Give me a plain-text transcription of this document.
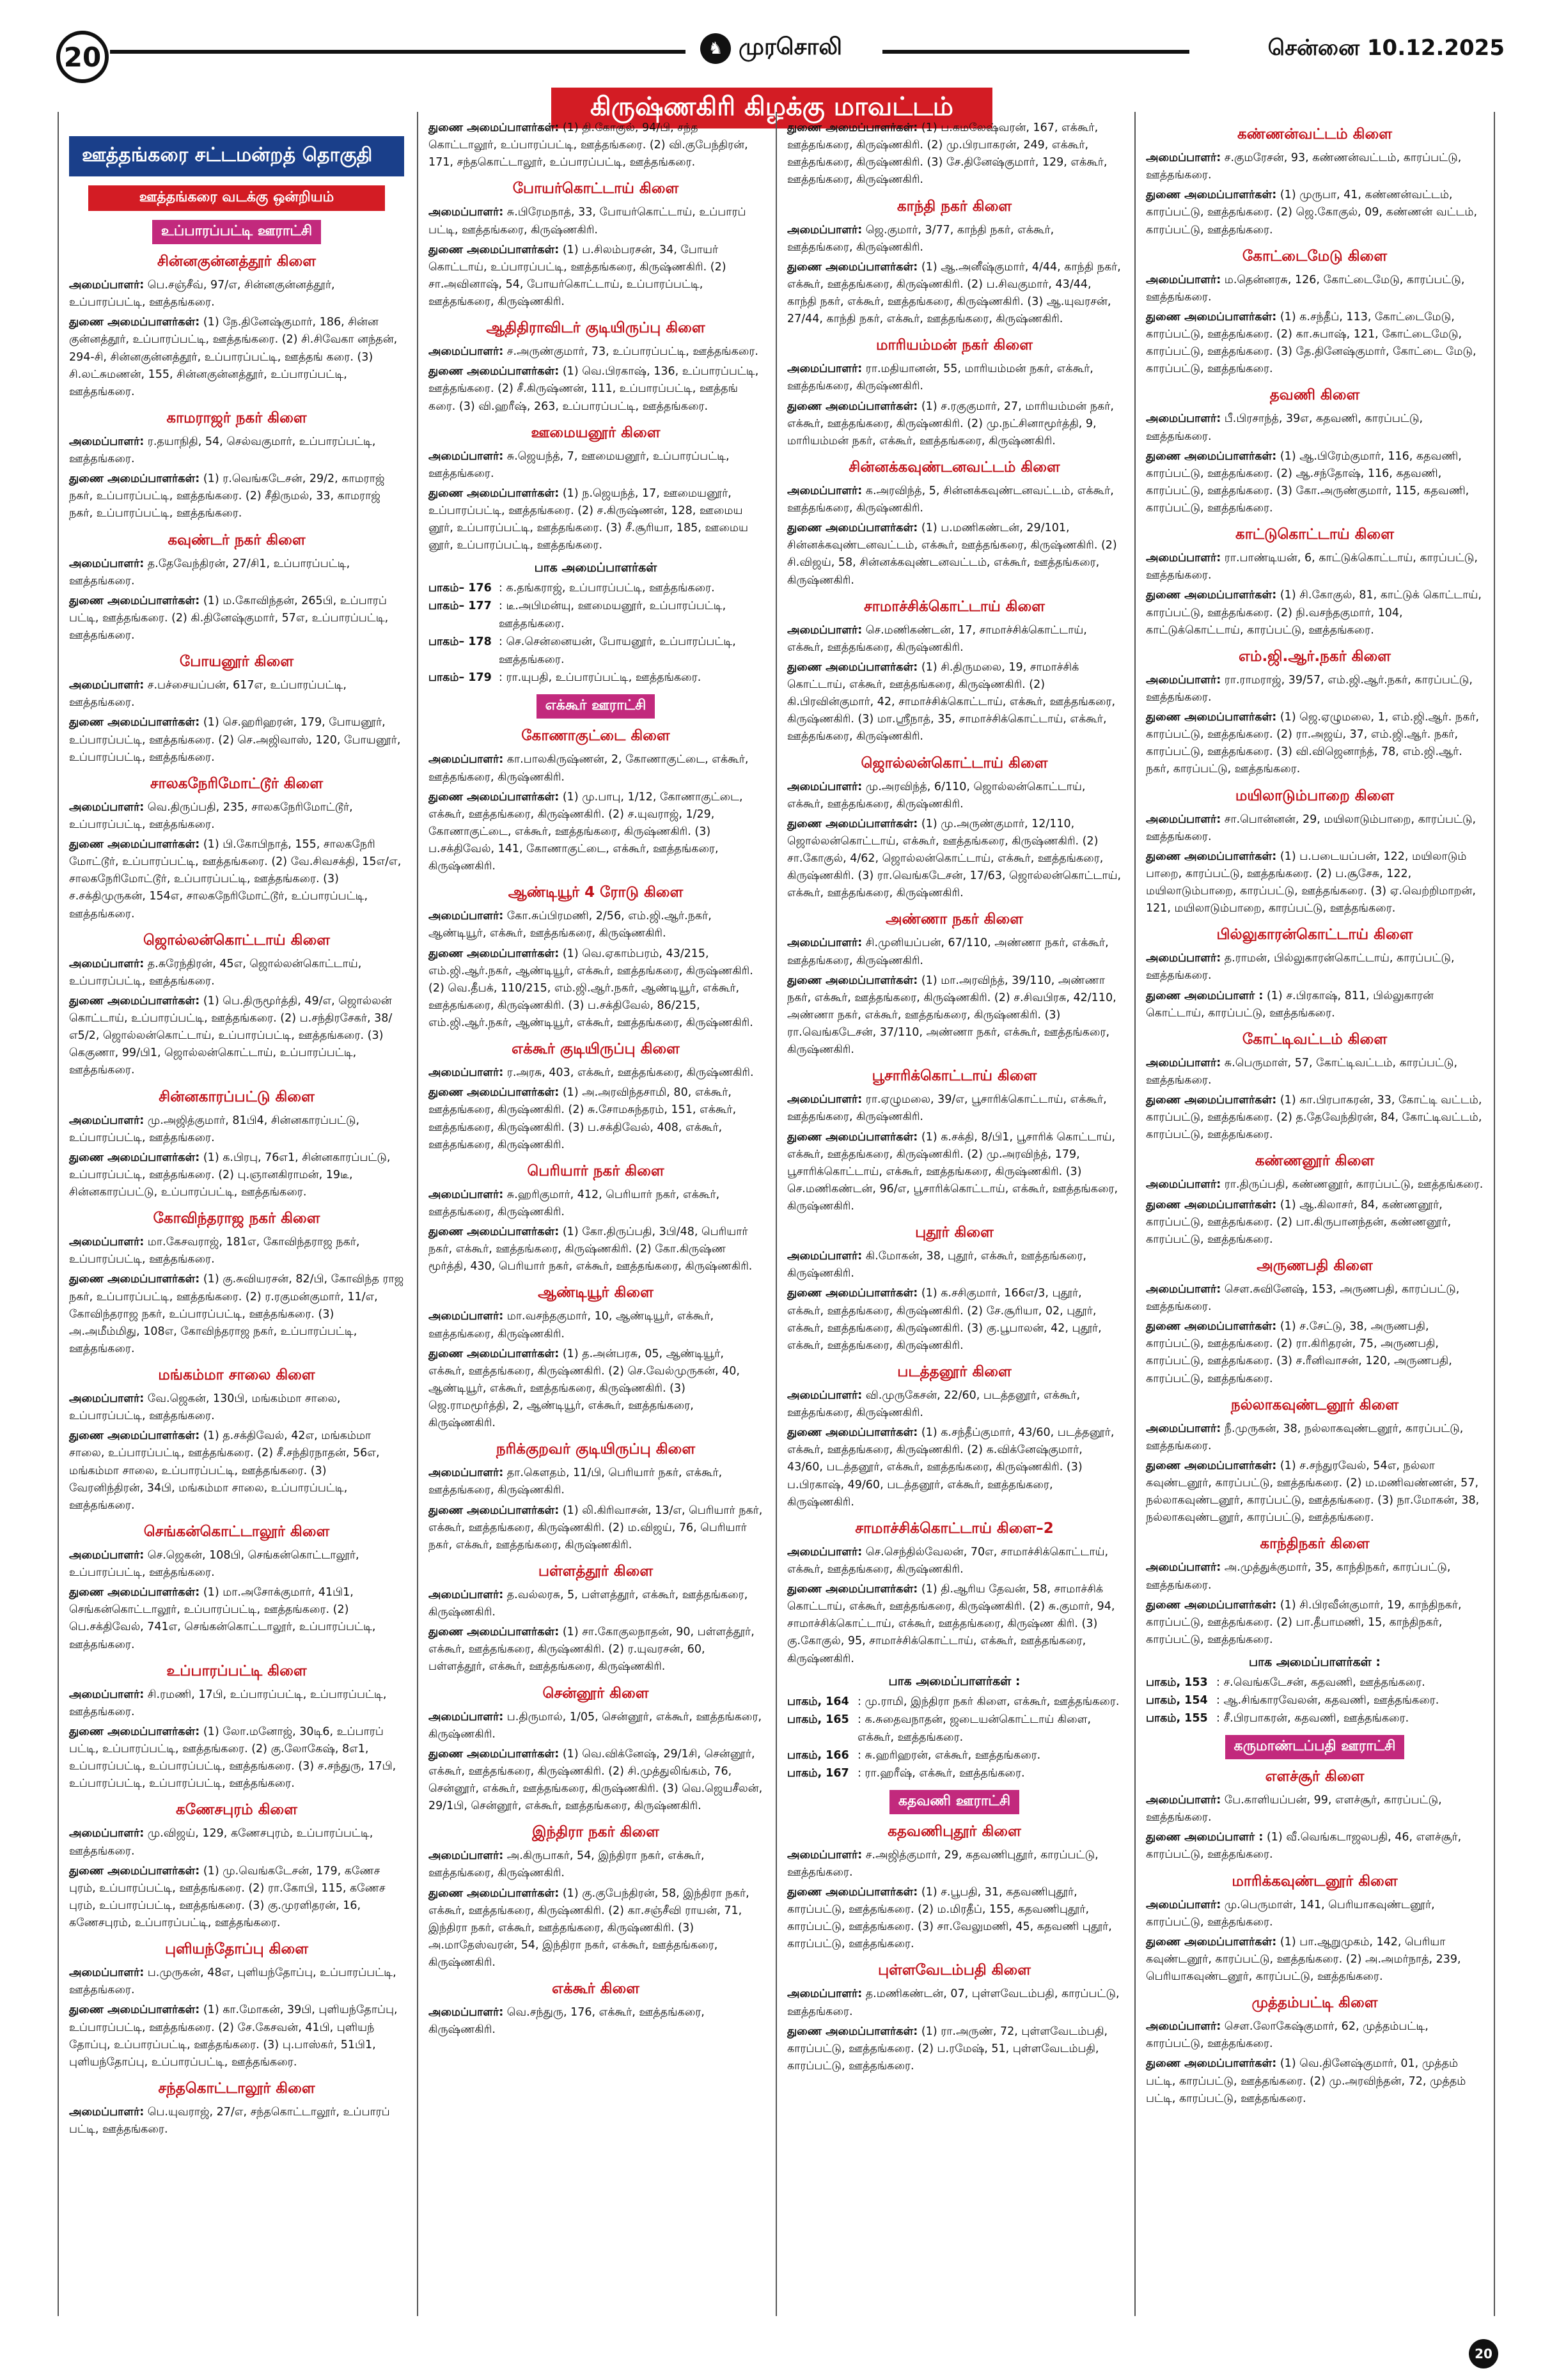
20	♞ முரசொலி	சென்னை 10.12.2025
கிருஷ்ணகிரி கிழக்கு மாவட்டம்
ஊத்தங்கரை சட்டமன்றத் தொகுதி
ஊத்தங்கரை வடக்கு ஒன்றியம்
உப்பாரப்பட்டி ஊராட்சி
சின்னகுன்னத்தூர் கிளை
அமைப்பாளர்: பெ.சஞ்சீவ், 97/எ, சின்னகுன்னத்தூர், உப்பாரப்பட்டி, ஊத்தங்கரை.
துணை அமைப்பாளர்கள்: (1) நே.தினேஷ்குமார், 186, சின்ன குன்னத்தூர், உப்பாரப்பட்டி, ஊத்தங்கரை. (2) சி.சிவேகா னந்தன், 294-சி, சின்னகுன்னத்தூர், உப்பாரப்பட்டி, ஊத்தங் கரை. (3) சி.லட்சுமணன், 155, சின்னகுன்னத்தூர், உப்பாரப்பட்டி, ஊத்தங்கரை.
காமராஜர் நகர் கிளை
அமைப்பாளர்: ர.தயாநிதி, 54, செல்வகுமார், உப்பாரப்பட்டி, ஊத்தங்கரை.
துணை அமைப்பாளர்கள்: (1) ர.வெங்கடேசன், 29/2, காமராஜ் நகர், உப்பாரப்பட்டி, ஊத்தங்கரை. (2) சீதிருமல், 33, காமராஜ் நகர், உப்பாரப்பட்டி, ஊத்தங்கரை.
கவுண்டர் நகர் கிளை
அமைப்பாளர்: த.தேவேந்திரன், 27/சி1, உப்பாரப்பட்டி, ஊத்தங்கரை.
துணை அமைப்பாளர்கள்: (1) ம.கோவிந்தன், 265பி, உப்பாரப் பட்டி, ஊத்தங்கரை. (2) கி.தினேஷ்குமார், 57எ, உப்பாரப்பட்டி, ஊத்தங்கரை.
போயனூர் கிளை
அமைப்பாளர்: ச.பச்சையப்பன், 617எ, உப்பாரப்பட்டி, ஊத்தங்கரை.
துணை அமைப்பாளர்கள்: (1) செ.ஹரிஹரன், 179, போயனூர், உப்பாரப்பட்டி, ஊத்தங்கரை. (2) செ.அஜிவாஸ், 120, போயனூர், உப்பாரப்பட்டி, ஊத்தங்கரை.
சாலகநேரிமோட்டூர் கிளை
அமைப்பாளர்: வெ.திருப்பதி, 235, சாலகநேரிமோட்டூர், உப்பாரப்பட்டி, ஊத்தங்கரை.
துணை அமைப்பாளர்கள்: (1) பி.கோபிநாத், 155, சாலகநேரி மோட்டூர், உப்பாரப்பட்டி, ஊத்தங்கரை. (2) வே.சிவசக்தி, 15எ/எ, சாலகநேரிமோட்டூர், உப்பாரப்பட்டி, ஊத்தங்கரை. (3) ச.சக்திமுருகன், 154எ, சாலகநேரிமோட்டூர், உப்பாரப்பட்டி, ஊத்தங்கரை.
ஜொல்லன்கொட்டாய் கிளை
அமைப்பாளர்: த.சுரேந்திரன், 45எ, ஜொல்லன்கொட்டாய், உப்பாரப்பட்டி, ஊத்தங்கரை.
துணை அமைப்பாளர்கள்: (1) பெ.திருமூர்த்தி, 49/எ, ஜொல்லன் கொட்டாய், உப்பாரப்பட்டி, ஊத்தங்கரை. (2) ப.சந்திரசேகர், 38/எ5/2, ஜொல்லன்கொட்டாய், உப்பாரப்பட்டி, ஊத்தங்கரை. (3) கெகுணா, 99/பி1, ஜொல்லன்கொட்டாய், உப்பாரப்பட்டி, ஊத்தங்கரை.
சின்னகாரப்பட்டு கிளை
அமைப்பாளர்: மு.அஜித்குமார், 81பி4, சின்னகாரப்பட்டு, உப்பாரப்பட்டி, ஊத்தங்கரை.
துணை அமைப்பாளர்கள்: (1) க.பிரபு, 76எ1, சின்னகாரப்பட்டு, உப்பாரப்பட்டி, ஊத்தங்கரை. (2) பு.ஞானகிராமன், 19டீ, சின்னகாரப்பட்டு, உப்பாரப்பட்டி, ஊத்தங்கரை.
கோவிந்தராஜ நகர் கிளை
அமைப்பாளர்: மா.கேசவராஜ், 181எ, கோவிந்தராஜ நகர், உப்பாரப்பட்டி, ஊத்தங்கரை.
துணை அமைப்பாளர்கள்: (1) கு.சுவியரசன், 82/பி, கோவிந்த ராஜ நகர், உப்பாரப்பட்டி, ஊத்தங்கரை. (2) ர.ரகுமன்குமார், 11/எ, கோவிந்தராஜ நகர், உப்பாரப்பட்டி, ஊத்தங்கரை. (3) அ.அமீம்மிது, 108எ, கோவிந்தராஜ நகர், உப்பாரப்பட்டி, ஊத்தங்கரை.
மங்கம்மா சாலை கிளை
அமைப்பாளர்: வே.ஜெகன், 130பி, மங்கம்மா சாலை, உப்பாரப்பட்டி, ஊத்தங்கரை.
துணை அமைப்பாளர்கள்: (1) த.சக்திவேல், 42எ, மங்கம்மா சாலை, உப்பாரப்பட்டி, ஊத்தங்கரை. (2) சீ.சந்திரநாதன், 56எ, மங்கம்மா சாலை, உப்பாரப்பட்டி, ஊத்தங்கரை. (3) வேரனிந்திரன், 34பி, மங்கம்மா சாலை, உப்பாரப்பட்டி, ஊத்தங்கரை.
செங்கன்கொட்டாலூர் கிளை
அமைப்பாளர்: செ.ஜெகன், 108பி, செங்கன்கொட்டாலூர், உப்பாரப்பட்டி, ஊத்தங்கரை.
துணை அமைப்பாளர்கள்: (1) மா.அசோக்குமார், 41பி1, செங்கன்கொட்டாலூர், உப்பாரப்பட்டி, ஊத்தங்கரை. (2) பெ.சக்திவேல், 741எ, செங்கன்கொட்டாலூர், உப்பாரப்பட்டி, ஊத்தங்கரை.
உப்பாரப்பட்டி கிளை
அமைப்பாளர்: சி.ரமணி, 17பி, உப்பாரப்பட்டி, உப்பாரப்பட்டி, ஊத்தங்கரை.
துணை அமைப்பாளர்கள்: (1) லோ.மனோஜ், 30டி6, உப்பாரப் பட்டி, உப்பாரப்பட்டி, ஊத்தங்கரை. (2) கு.லோகேஷ், 8எ1, உப்பாரப்பட்டி, உப்பாரப்பட்டி, ஊத்தங்கரை. (3) ச.சந்துரு, 17பி, உப்பாரப்பட்டி, உப்பாரப்பட்டி, ஊத்தங்கரை.
கணேசபுரம் கிளை
அமைப்பாளர்: மு.விஜய், 129, கணேசபுரம், உப்பாரப்பட்டி, ஊத்தங்கரை.
துணை அமைப்பாளர்கள்: (1) மு.வெங்கடேசன், 179, கணேச புரம், உப்பாரப்பட்டி, ஊத்தங்கரை. (2) ரா.கோபி, 115, கணேச புரம், உப்பாரப்பட்டி, ஊத்தங்கரை. (3) கு.முரளிதரன், 16, கணேசபுரம், உப்பாரப்பட்டி, ஊத்தங்கரை.
புளியந்தோப்பு கிளை
அமைப்பாளர்: ப.முருகன், 48எ, புளியந்தோப்பு, உப்பாரப்பட்டி, ஊத்தங்கரை.
துணை அமைப்பாளர்கள்: (1) கா.மோகன், 39பி, புளியந்தோப்பு, உப்பாரப்பட்டி, ஊத்தங்கரை. (2) சே.கேசவன், 41பி, புளியந் தோப்பு, உப்பாரப்பட்டி, ஊத்தங்கரை. (3) பு.பாஸ்கர், 51பி1, புளியந்தோப்பு, உப்பாரப்பட்டி, ஊத்தங்கரை.
சந்தகொட்டாலூர் கிளை
அமைப்பாளர்: பெ.யுவராஜ், 27/எ, சந்தகொட்டாலூர், உப்பாரப் பட்டி, ஊத்தங்கரை.
துணை அமைப்பாளர்கள்: (1) தி.கோகுல், 94/பி, சந்த கொட்டாலூர், உப்பாரப்பட்டி, ஊத்தங்கரை. (2) வி.குபேந்திரன், 171, சந்தகொட்டாலூர், உப்பாரப்பட்டி, ஊத்தங்கரை.
போயர்கொட்டாய் கிளை
அமைப்பாளர்: சு.பிரேமநாத், 33, போயர்கொட்டாய், உப்பாரப் பட்டி, ஊத்தங்கரை, கிருஷ்ணகிரி.
துணை அமைப்பாளர்கள்: (1) ப.சிலம்பரசன், 34, போயர் கொட்டாய், உப்பாரப்பட்டி, ஊத்தங்கரை, கிருஷ்ணகிரி. (2) சா.அவினாஷ், 54, போயர்கொட்டாய், உப்பாரப்பட்டி, ஊத்தங்கரை, கிருஷ்ணகிரி.
ஆதிதிராவிடர் குடியிருப்பு கிளை
அமைப்பாளர்: ச.அருண்குமார், 73, உப்பாரப்பட்டி, ஊத்தங்கரை.
துணை அமைப்பாளர்கள்: (1) வெ.பிரகாஷ், 136, உப்பாரப்பட்டி, ஊத்தங்கரை. (2) சீ.கிருஷ்ணன், 111, உப்பாரப்பட்டி, ஊத்தங் கரை. (3) வி.ஹரீஷ், 263, உப்பாரப்பட்டி, ஊத்தங்கரை.
ஊமையனூர் கிளை
அமைப்பாளர்: சு.ஜெயந்த், 7, ஊமையனூர், உப்பாரப்பட்டி, ஊத்தங்கரை.
துணை அமைப்பாளர்கள்: (1) ந.ஜெயந்த், 17, ஊமையனூர், உப்பாரப்பட்டி, ஊத்தங்கரை. (2) ச.கிருஷ்ணன், 128, ஊமைய னூர், உப்பாரப்பட்டி, ஊத்தங்கரை. (3) சீ.சூரியா, 185, ஊமைய னூர், உப்பாரப்பட்டி, ஊத்தங்கரை.
பாக அமைப்பாளர்கள்
பாகம்– 176 : க.தங்கராஜ், உப்பாரப்பட்டி, ஊத்தங்கரை.
பாகம்– 177 : டீ.அபிமன்யு, ஊமையனூர், உப்பாரப்பட்டி, ஊத்தங்கரை.
பாகம்– 178 : செ.சென்னையன், போயனூர், உப்பாரப்பட்டி, ஊத்தங்கரை.
பாகம்– 179 : ரா.யுபதி, உப்பாரப்பட்டி, ஊத்தங்கரை.
எக்கூர் ஊராட்சி
கோணாகுட்டை கிளை
அமைப்பாளர்: கா.பாலகிருஷ்ணன், 2, கோணாகுட்டை, எக்கூர், ஊத்தங்கரை, கிருஷ்ணகிரி.
துணை அமைப்பாளர்கள்: (1) மு.பாபு, 1/12, கோணாகுட்டை, எக்கூர், ஊத்தங்கரை, கிருஷ்ணகிரி. (2) ச.யுவராஜ், 1/29, கோணாகுட்டை, எக்கூர், ஊத்தங்கரை, கிருஷ்ணகிரி. (3) ப.சக்திவேல், 141, கோணாகுட்டை, எக்கூர், ஊத்தங்கரை, கிருஷ்ணகிரி.
ஆண்டியூர் 4 ரோடு கிளை
அமைப்பாளர்: கோ.சுப்பிரமணி, 2/56, எம்.ஜி.ஆர்.நகர், ஆண்டியூர், எக்கூர், ஊத்தங்கரை, கிருஷ்ணகிரி.
துணை அமைப்பாளர்கள்: (1) வெ.ஏகாம்பரம், 43/215, எம்.ஜி.ஆர்.நகர், ஆண்டியூர், எக்கூர், ஊத்தங்கரை, கிருஷ்ணகிரி. (2) வெ.தீபக், 110/215, எம்.ஜி.ஆர்.நகர், ஆண்டியூர், எக்கூர், ஊத்தங்கரை, கிருஷ்ணகிரி. (3) ப.சக்திவேல், 86/215, எம்.ஜி.ஆர்.நகர், ஆண்டியூர், எக்கூர், ஊத்தங்கரை, கிருஷ்ணகிரி.
எக்கூர் குடியிருப்பு கிளை
அமைப்பாளர்: ர.அரசு, 403, எக்கூர், ஊத்தங்கரை, கிருஷ்ணகிரி.
துணை அமைப்பாளர்கள்: (1) அ.அரவிந்தசாமி, 80, எக்கூர், ஊத்தங்கரை, கிருஷ்ணகிரி. (2) சு.சோமசுந்தரம், 151, எக்கூர், ஊத்தங்கரை, கிருஷ்ணகிரி. (3) ப.சக்திவேல், 408, எக்கூர், ஊத்தங்கரை, கிருஷ்ணகிரி.
பெரியார் நகர் கிளை
அமைப்பாளர்: சு.ஹரிகுமார், 412, பெரியார் நகர், எக்கூர், ஊத்தங்கரை, கிருஷ்ணகிரி.
துணை அமைப்பாளர்கள்: (1) கோ.திருப்பதி, 3பி/48, பெரியார் நகர், எக்கூர், ஊத்தங்கரை, கிருஷ்ணகிரி. (2) கோ.கிருஷ்ண மூர்த்தி, 430, பெரியார் நகர், எக்கூர், ஊத்தங்கரை, கிருஷ்ணகிரி.
ஆண்டியூர் கிளை
அமைப்பாளர்: மா.வசந்தகுமார், 10, ஆண்டியூர், எக்கூர், ஊத்தங்கரை, கிருஷ்ணகிரி.
துணை அமைப்பாளர்கள்: (1) த.அன்பரசு, 05, ஆண்டியூர், எக்கூர், ஊத்தங்கரை, கிருஷ்ணகிரி. (2) செ.வேல்முருகன், 40, ஆண்டியூர், எக்கூர், ஊத்தங்கரை, கிருஷ்ணகிரி. (3) ஜெ.ராமமூர்த்தி, 2, ஆண்டியூர், எக்கூர், ஊத்தங்கரை, கிருஷ்ணகிரி.
நரிக்குறவர் குடியிருப்பு கிளை
அமைப்பாளர்: தா.கௌதம், 11/பி, பெரியார் நகர், எக்கூர், ஊத்தங்கரை, கிருஷ்ணகிரி.
துணை அமைப்பாளர்கள்: (1) லி.கிரிவாசன், 13/எ, பெரியார் நகர், எக்கூர், ஊத்தங்கரை, கிருஷ்ணகிரி. (2) ம.விஜய், 76, பெரியார் நகர், எக்கூர், ஊத்தங்கரை, கிருஷ்ணகிரி.
பள்ளத்தூர் கிளை
அமைப்பாளர்: த.வல்லரசு, 5, பள்ளத்தூர், எக்கூர், ஊத்தங்கரை, கிருஷ்ணகிரி.
துணை அமைப்பாளர்கள்: (1) சா.கோகுலநாதன், 90, பள்ளத்தூர், எக்கூர், ஊத்தங்கரை, கிருஷ்ணகிரி. (2) ர.யுவரசன், 60, பள்ளத்தூர், எக்கூர், ஊத்தங்கரை, கிருஷ்ணகிரி.
சென்னூர் கிளை
அமைப்பாளர்: ப.திருமால், 1/05, சென்னூர், எக்கூர், ஊத்தங்கரை, கிருஷ்ணகிரி.
துணை அமைப்பாளர்கள்: (1) வெ.விக்னேஷ், 29/1சி, சென்னூர், எக்கூர், ஊத்தங்கரை, கிருஷ்ணகிரி. (2) சி.முத்துலிங்கம், 76, சென்னூர், எக்கூர், ஊத்தங்கரை, கிருஷ்ணகிரி. (3) வெ.ஜெயசீலன், 29/1பி, சென்னூர், எக்கூர், ஊத்தங்கரை, கிருஷ்ணகிரி.
இந்திரா நகர் கிளை
அமைப்பாளர்: அ.கிருபாகர், 54, இந்திரா நகர், எக்கூர், ஊத்தங்கரை, கிருஷ்ணகிரி.
துணை அமைப்பாளர்கள்: (1) கு.குபேந்திரன், 58, இந்திரா நகர், எக்கூர், ஊத்தங்கரை, கிருஷ்ணகிரி. (2) கா.சஞ்சீவி ராயன், 71, இந்திரா நகர், எக்கூர், ஊத்தங்கரை, கிருஷ்ணகிரி. (3) அ.மாதேஸ்வரன், 54, இந்திரா நகர், எக்கூர், ஊத்தங்கரை, கிருஷ்ணகிரி.
எக்கூர் கிளை
அமைப்பாளர்: வெ.சந்துரு, 176, எக்கூர், ஊத்தங்கரை, கிருஷ்ணகிரி.
துணை அமைப்பாளர்கள்: (1) ப.கமலேஷ்வரன், 167, எக்கூர், ஊத்தங்கரை, கிருஷ்ணகிரி. (2) மு.பிரபாகரன், 249, எக்கூர், ஊத்தங்கரை, கிருஷ்ணகிரி. (3) சே.தினேஷ்குமார், 129, எக்கூர், ஊத்தங்கரை, கிருஷ்ணகிரி.
காந்தி நகர் கிளை
அமைப்பாளர்: ஜெ.குமார், 3/77, காந்தி நகர், எக்கூர், ஊத்தங்கரை, கிருஷ்ணகிரி.
துணை அமைப்பாளர்கள்: (1) ஆ.அனீஷ்குமார், 4/44, காந்தி நகர், எக்கூர், ஊத்தங்கரை, கிருஷ்ணகிரி. (2) ப.சிவகுமார், 43/44, காந்தி நகர், எக்கூர், ஊத்தங்கரை, கிருஷ்ணகிரி. (3) ஆ.யுவரசன், 27/44, காந்தி நகர், எக்கூர், ஊத்தங்கரை, கிருஷ்ணகிரி.
மாரியம்மன் நகர் கிளை
அமைப்பாளர்: ரா.மதியானன், 55, மாரியம்மன் நகர், எக்கூர், ஊத்தங்கரை, கிருஷ்ணகிரி.
துணை அமைப்பாளர்கள்: (1) ச.ரகுகுமார், 27, மாரியம்மன் நகர், எக்கூர், ஊத்தங்கரை, கிருஷ்ணகிரி. (2) மு.நட்சினாமூர்த்தி, 9, மாரியம்மன் நகர், எக்கூர், ஊத்தங்கரை, கிருஷ்ணகிரி.
சின்னக்கவுண்டனவட்டம் கிளை
அமைப்பாளர்: க.அரவிந்த், 5, சின்னக்கவுண்டனவட்டம், எக்கூர், ஊத்தங்கரை, கிருஷ்ணகிரி.
துணை அமைப்பாளர்கள்: (1) ப.மணிகண்டன், 29/101, சின்னக்கவுண்டனவட்டம், எக்கூர், ஊத்தங்கரை, கிருஷ்ணகிரி. (2) சி.விஜய், 58, சின்னக்கவுண்டனவட்டம், எக்கூர், ஊத்தங்கரை, கிருஷ்ணகிரி.
சாமாச்சிக்கொட்டாய் கிளை
அமைப்பாளர்: செ.மணிகண்டன், 17, சாமாச்சிக்கொட்டாய், எக்கூர், ஊத்தங்கரை, கிருஷ்ணகிரி.
துணை அமைப்பாளர்கள்: (1) சி.திருமலை, 19, சாமாச்சிக் கொட்டாய், எக்கூர், ஊத்தங்கரை, கிருஷ்ணகிரி. (2) கி.பிரவின்குமார், 42, சாமாச்சிக்கொட்டாய், எக்கூர், ஊத்தங்கரை, கிருஷ்ணகிரி. (3) மா.ஸ்ரீநாத், 35, சாமாச்சிக்கொட்டாய், எக்கூர், ஊத்தங்கரை, கிருஷ்ணகிரி.
ஜொல்லன்கொட்டாய் கிளை
அமைப்பாளர்: மு.அரவிந்த், 6/110, ஜொல்லன்கொட்டாய், எக்கூர், ஊத்தங்கரை, கிருஷ்ணகிரி.
துணை அமைப்பாளர்கள்: (1) மு.அருண்குமார், 12/110, ஜொல்லன்கொட்டாய், எக்கூர், ஊத்தங்கரை, கிருஷ்ணகிரி. (2) சா.கோகுல், 4/62, ஜொல்லன்கொட்டாய், எக்கூர், ஊத்தங்கரை, கிருஷ்ணகிரி. (3) ரா.வெங்கடேசன், 17/63, ஜொல்லன்கொட்டாய், எக்கூர், ஊத்தங்கரை, கிருஷ்ணகிரி.
அண்ணா நகர் கிளை
அமைப்பாளர்: சி.முனியப்பன், 67/110, அண்ணா நகர், எக்கூர், ஊத்தங்கரை, கிருஷ்ணகிரி.
துணை அமைப்பாளர்கள்: (1) மா.அரவிந்த், 39/110, அண்ணா நகர், எக்கூர், ஊத்தங்கரை, கிருஷ்ணகிரி. (2) ச.சிவபிரசு, 42/110, அண்ணா நகர், எக்கூர், ஊத்தங்கரை, கிருஷ்ணகிரி. (3) ரா.வெங்கடேசன், 37/110, அண்ணா நகர், எக்கூர், ஊத்தங்கரை, கிருஷ்ணகிரி.
பூசாரிக்கொட்டாய் கிளை
அமைப்பாளர்: ரா.ஏழுமலை, 39/எ, பூசாரிக்கொட்டாய், எக்கூர், ஊத்தங்கரை, கிருஷ்ணகிரி.
துணை அமைப்பாளர்கள்: (1) க.சக்தி, 8/பி1, பூசாரிக் கொட்டாய், எக்கூர், ஊத்தங்கரை, கிருஷ்ணகிரி. (2) மு.அரவிந்த், 179, பூசாரிக்கொட்டாய், எக்கூர், ஊத்தங்கரை, கிருஷ்ணகிரி. (3) செ.மணிகண்டன், 96/எ, பூசாரிக்கொட்டாய், எக்கூர், ஊத்தங்கரை, கிருஷ்ணகிரி.
புதூர் கிளை
அமைப்பாளர்: கி.மோகன், 38, புதூர், எக்கூர், ஊத்தங்கரை, கிருஷ்ணகிரி.
துணை அமைப்பாளர்கள்: (1) க.சசிகுமார், 166எ/3, புதூர், எக்கூர், ஊத்தங்கரை, கிருஷ்ணகிரி. (2) சே.சூரியா, 02, புதூர், எக்கூர், ஊத்தங்கரை, கிருஷ்ணகிரி. (3) கு.பூபாலன், 42, புதூர், எக்கூர், ஊத்தங்கரை, கிருஷ்ணகிரி.
படத்தனூர் கிளை
அமைப்பாளர்: வி.முருகேசன், 22/60, படத்தனூர், எக்கூர், ஊத்தங்கரை, கிருஷ்ணகிரி.
துணை அமைப்பாளர்கள்: (1) க.சந்தீப்குமார், 43/60, படத்தனூர், எக்கூர், ஊத்தங்கரை, கிருஷ்ணகிரி. (2) க.விக்னேஷ்குமார், 43/60, படத்தனூர், எக்கூர், ஊத்தங்கரை, கிருஷ்ணகிரி. (3) ப.பிரகாஷ், 49/60, படத்தனூர், எக்கூர், ஊத்தங்கரை, கிருஷ்ணகிரி.
சாமாச்சிக்கொட்டாய் கிளை–2
அமைப்பாளர்: செ.செந்தில்வேலன், 70எ, சாமாச்சிக்கொட்டாய், எக்கூர், ஊத்தங்கரை, கிருஷ்ணகிரி.
துணை அமைப்பாளர்கள்: (1) தி.ஆரிய தேவன், 58, சாமாச்சிக் கொட்டாய், எக்கூர், ஊத்தங்கரை, கிருஷ்ணகிரி. (2) சு.குமார், 94, சாமாச்சிக்கொட்டாய், எக்கூர், ஊத்தங்கரை, கிருஷ்ண கிரி. (3) கு.கோகுல், 95, சாமாச்சிக்கொட்டாய், எக்கூர், ஊத்தங்கரை, கிருஷ்ணகிரி.
பாக அமைப்பாளர்கள் :
பாகம், 164 : மு.ராமி, இந்திரா நகர் கிளை, எக்கூர், ஊத்தங்கரை.
பாகம், 165 : க.சுதைவநாதன், ஜடையன்கொட்டாய் கிளை, எக்கூர், ஊத்தங்கரை.
பாகம், 166 : சு.ஹரிஹரன், எக்கூர், ஊத்தங்கரை.
பாகம், 167 : ரா.ஹரீஷ், எக்கூர், ஊத்தங்கரை.
கதவணி ஊராட்சி
கதவணிபுதூர் கிளை
அமைப்பாளர்: ச.அஜித்குமார், 29, கதவணிபுதூர், காரப்பட்டு, ஊத்தங்கரை.
துணை அமைப்பாளர்கள்: (1) ச.பூபதி, 31, கதவணிபுதூர், காரப்பட்டு, ஊத்தங்கரை. (2) ம.மிரதீப், 155, கதவணிபுதூர், காரப்பட்டு, ஊத்தங்கரை. (3) சா.வேலுமணி, 45, கதவணி புதூர், காரப்பட்டு, ஊத்தங்கரை.
புள்ளவேடம்பதி கிளை
அமைப்பாளர்: த.மணிகண்டன், 07, புள்ளவேடம்பதி, காரப்பட்டு, ஊத்தங்கரை.
துணை அமைப்பாளர்கள்: (1) ரா.அருண், 72, புள்ளவேடம்பதி, காரப்பட்டு, ஊத்தங்கரை. (2) ப.ரமேஷ், 51, புள்ளவேடம்பதி, காரப்பட்டு, ஊத்தங்கரை.
கண்ணன்வட்டம் கிளை
அமைப்பாளர்: ச.குமரேசன், 93, கண்ணன்வட்டம், காரப்பட்டு, ஊத்தங்கரை.
துணை அமைப்பாளர்கள்: (1) முருபா, 41, கண்ணன்வட்டம், காரப்பட்டு, ஊத்தங்கரை. (2) ஜெ.கோகுல், 09, கண்ணன் வட்டம், காரப்பட்டு, ஊத்தங்கரை.
கோட்டைமேடு கிளை
அமைப்பாளர்: ம.தென்னரசு, 126, கோட்டைமேடு, காரப்பட்டு, ஊத்தங்கரை.
துணை அமைப்பாளர்கள்: (1) க.சந்தீப், 113, கோட்டைமேடு, காரப்பட்டு, ஊத்தங்கரை. (2) கா.சுபாஷ், 121, கோட்டைமேடு, காரப்பட்டு, ஊத்தங்கரை. (3) தே.தினேஷ்குமார், கோட்டை மேடு, காரப்பட்டு, ஊத்தங்கரை.
தவணி கிளை
அமைப்பாளர்: பீ.பிரசாந்த், 39எ, கதவணி, காரப்பட்டு, ஊத்தங்கரை.
துணை அமைப்பாளர்கள்: (1) ஆ.பிரேம்குமார், 116, கதவணி, காரப்பட்டு, ஊத்தங்கரை. (2) ஆ.சந்தோஷ், 116, கதவணி, காரப்பட்டு, ஊத்தங்கரை. (3) கோ.அருண்குமார், 115, கதவணி, காரப்பட்டு, ஊத்தங்கரை.
காட்டுகொட்டாய் கிளை
அமைப்பாளர்: ரா.பாண்டியன், 6, காட்டுக்கொட்டாய், காரப்பட்டு, ஊத்தங்கரை.
துணை அமைப்பாளர்கள்: (1) சி.கோகுல், 81, காட்டுக் கொட்டாய், காரப்பட்டு, ஊத்தங்கரை. (2) நி.வசந்தகுமார், 104, காட்டுக்கொட்டாய், காரப்பட்டு, ஊத்தங்கரை.
எம்.ஜி.ஆர்.நகர் கிளை
அமைப்பாளர்: ரா.ராமராஜ், 39/57, எம்.ஜி.ஆர்.நகர், காரப்பட்டு, ஊத்தங்கரை.
துணை அமைப்பாளர்கள்: (1) ஜெ.ஏழுமலை, 1, எம்.ஜி.ஆர். நகர், காரப்பட்டு, ஊத்தங்கரை. (2) ரா.அஜய், 37, எம்.ஜி.ஆர். நகர், காரப்பட்டு, ஊத்தங்கரை. (3) வி.விஜெனாந்த், 78, எம்.ஜி.ஆர். நகர், காரப்பட்டு, ஊத்தங்கரை.
மயிலாடும்பாறை கிளை
அமைப்பாளர்: சா.பொன்னன், 29, மயிலாடும்பாறை, காரப்பட்டு, ஊத்தங்கரை.
துணை அமைப்பாளர்கள்: (1) ப.படையப்பன், 122, மயிலாடும் பாறை, காரப்பட்டு, ஊத்தங்கரை. (2) ப.சூசேசு, 122, மயிலாடும்பாறை, காரப்பட்டு, ஊத்தங்கரை. (3) ஏ.வெற்றிமாறன், 121, மயிலாடும்பாறை, காரப்பட்டு, ஊத்தங்கரை.
பில்லுகாரன்கொட்டாய் கிளை
அமைப்பாளர்: த.ராமன், பில்லுகாரன்கொட்டாய், காரப்பட்டு, ஊத்தங்கரை.
துணை அமைப்பாளர் : (1) ச.பிரகாஷ், 811, பில்லுகாரன் கொட்டாய், காரப்பட்டு, ஊத்தங்கரை.
கோட்டிவட்டம் கிளை
அமைப்பாளர்: சு.பெருமாள், 57, கோட்டிவட்டம், காரப்பட்டு, ஊத்தங்கரை.
துணை அமைப்பாளர்கள்: (1) கா.பிரபாகரன், 33, கோட்டி வட்டம், காரப்பட்டு, ஊத்தங்கரை. (2) த.தேவேந்திரன், 84, கோட்டிவட்டம், காரப்பட்டு, ஊத்தங்கரை.
கண்ணனூர் கிளை
அமைப்பாளர்: ரா.திருப்பதி, கண்ணனூர், காரப்பட்டு, ஊத்தங்கரை.
துணை அமைப்பாளர்கள்: (1) ஆ.கிலாசர், 84, கண்ணனூர், காரப்பட்டு, ஊத்தங்கரை. (2) பா.கிருபானந்தன், கண்ணனூர், காரப்பட்டு, ஊத்தங்கரை.
அருணபதி கிளை
அமைப்பாளர்: செள.சுவினேஷ், 153, அருணபதி, காரப்பட்டு, ஊத்தங்கரை.
துணை அமைப்பாளர்கள்: (1) ச.சேட்டு, 38, அருணபதி, காரப்பட்டு, ஊத்தங்கரை. (2) ரா.கிரிதரன், 75, அருணபதி, காரப்பட்டு, ஊத்தங்கரை. (3) ச.ரீனிவாசன், 120, அருணபதி, காரப்பட்டு, ஊத்தங்கரை.
நல்லாகவுண்டனூர் கிளை
அமைப்பாளர்: நீ.முருகன், 38, நல்லாகவுண்டனூர், காரப்பட்டு, ஊத்தங்கரை.
துணை அமைப்பாளர்கள்: (1) ச.சந்துரவேல், 54எ, நல்லா கவுண்டனூர், காரப்பட்டு, ஊத்தங்கரை. (2) ம.மணிவண்ணன், 57, நல்லாகவுண்டனூர், காரப்பட்டு, ஊத்தங்கரை. (3) நா.மோகன், 38, நல்லாகவுண்டனூர், காரப்பட்டு, ஊத்தங்கரை.
காந்திநகர் கிளை
அமைப்பாளர்: அ.முத்துக்குமார், 35, காந்திநகர், காரப்பட்டு, ஊத்தங்கரை.
துணை அமைப்பாளர்கள்: (1) சி.பிரவீன்குமார், 19, காந்திநகர், காரப்பட்டு, ஊத்தங்கரை. (2) பா.தீபாமணி, 15, காந்திநகர், காரப்பட்டு, ஊத்தங்கரை.
பாக அமைப்பாளர்கள் :
பாகம், 153 : ச.வெங்கடேசன், கதவணி, ஊத்தங்கரை.
பாகம், 154 : ஆ.சிங்காரவேலன், கதவணி, ஊத்தங்கரை.
பாகம், 155 : சீ.பிரபாகரன், கதவணி, ஊத்தங்கரை.
கருமாண்டப்பதி ஊராட்சி
எளச்சூர் கிளை
அமைப்பாளர்: பே.காளியப்பன், 99, எளச்சூர், காரப்பட்டு, ஊத்தங்கரை.
துணை அமைப்பாளர் : (1) வீ.வெங்கடாஜலபதி, 46, எளச்சூர், காரப்பட்டு, ஊத்தங்கரை.
மாரிக்கவுண்டனூர் கிளை
அமைப்பாளர்: மு.பெருமாள், 141, பெரியாகவுண்டனூர், காரப்பட்டு, ஊத்தங்கரை.
துணை அமைப்பாளர்கள்: (1) பா.ஆறுமுகம், 142, பெரியா கவுண்டனூர், காரப்பட்டு, ஊத்தங்கரை. (2) அ.அமர்நாத், 239, பெரியாகவுண்டனூர், காரப்பட்டு, ஊத்தங்கரை.
முத்தம்பட்டி கிளை
அமைப்பாளர்: செள.லோகேஷ்குமார், 62, முத்தம்பட்டி, காரப்பட்டு, ஊத்தங்கரை.
துணை அமைப்பாளர்கள்: (1) வெ.தினேஷ்குமார், 01, முத்தம் பட்டி, காரப்பட்டு, ஊத்தங்கரை. (2) மு.அரவிந்தன், 72, முத்தம் பட்டி, காரப்பட்டு, ஊத்தங்கரை.
20
